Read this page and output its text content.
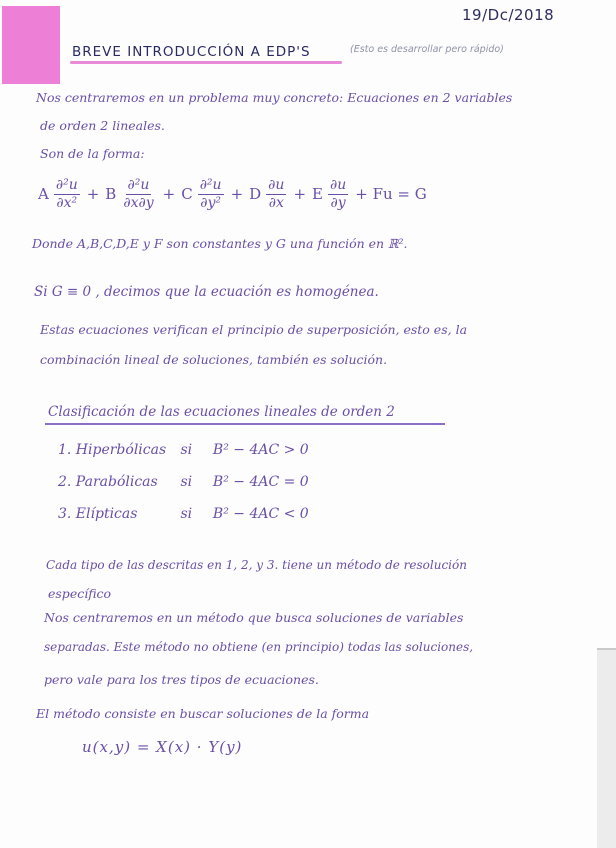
19/Dc/2018
BREVE INTRODUCCIÓN A EDP'S	(Esto es desarrollar pero rápido)
Nos centraremos en un problema muy concreto: Ecuaciones en 2 variables
de orden 2 lineales.
Son de la forma:
A $\frac{\text{∂²u}}{\text{∂x²}} + B \frac{\text{∂²u}}{\partial x\partial y} + C \frac{\text{∂²u}}{\text{∂y²}} + D \frac{\partial u}{\partial x} + E \frac{\partial u}{\partial y} + Fu = G$
Donde A,B,C,D,E y F son constantes y G una función en ℝ².
Si G ≡ 0 , decimos que la ecuación es homogénea.
Estas ecuaciones verifican el principio de superposición, esto es, la
combinación lineal de soluciones, también es solución.
Clasificación de las ecuaciones lineales de orden 2
1. Hiperbólicas si B² − 4AC > 0
2. Parabólicas si B² − 4AC = 0
3. Elípticas	si B² − 4AC < 0
Cada tipo de las descritas en 1, 2, y 3. tiene un método de resolución
específico
Nos centraremos en un método que busca soluciones de variables
separadas. Este método no obtiene (en principio) todas las soluciones,
pero vale para los tres tipos de ecuaciones.
El método consiste en buscar soluciones de la forma
u(x,y) = X(x) · Y(y)
